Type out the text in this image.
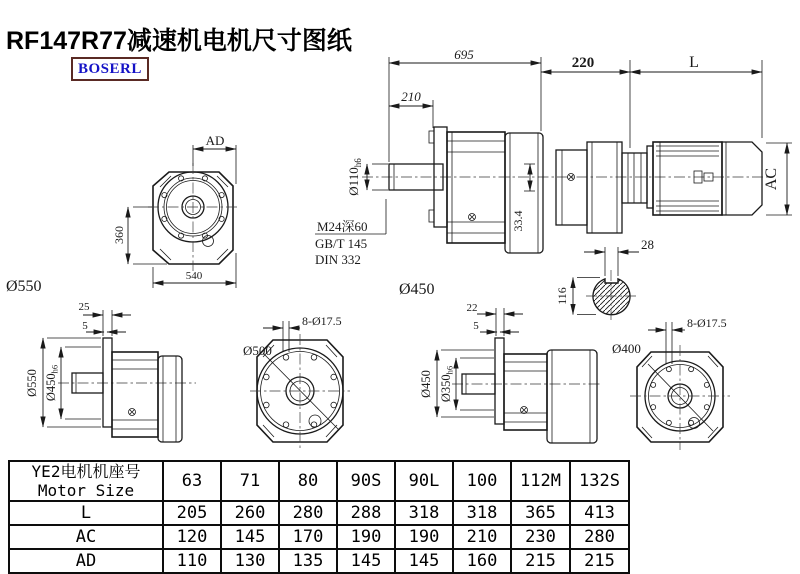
RF147R77减速机电机尺寸图纸
BOSERL
AD
360
540
Ø550
$Ø110_{h6}$
M24深60
GB/T 145
DIN 332
33.4
695
210
220	L
AC
28
Ø450	116
25
5
Ø550 $Ø450_{h6}$
8-Ø17.5
Ø500
22
5
Ø450 $Ø350_{h6}$
8-Ø17.5
Ø400
YE2电机机座号
Motor Size	63	71	80	90S	90L	100	112M	132S
L	205	260	280	288	318	318	365	413
AC	120	145	170	190	190	210	230	280
AD	110	130	135	145	145	160	215	215
